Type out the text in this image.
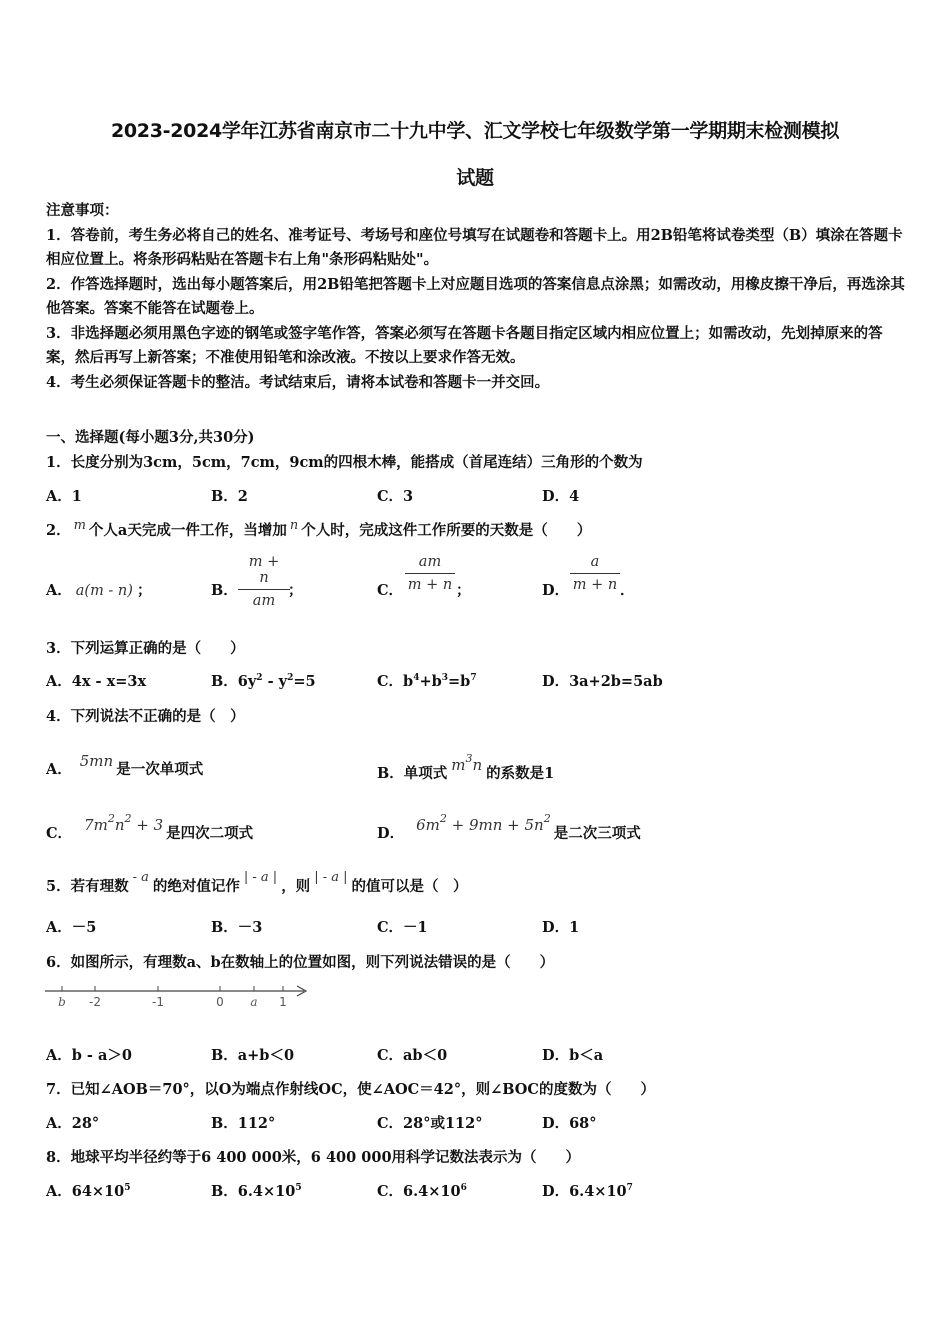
2023-2024学年江苏省南京市二十九中学、汇文学校七年级数学第一学期期末检测模拟
试题

注意事项：

1．答卷前，考生务必将自己的姓名、准考证号、考场号和座位号填写在试题卷和答题卡上。用2B铅笔将试卷类型（B）填涂在答题卡相应位置上。将条形码粘贴在答题卡右上角"条形码粘贴处"。

2．作答选择题时，选出每小题答案后，用2B铅笔把答题卡上对应题目选项的答案信息点涂黑；如需改动，用橡皮擦干净后，再选涂其他答案。答案不能答在试题卷上。

3．非选择题必须用黑色字迹的钢笔或签字笔作答，答案必须写在答题卡各题目指定区域内相应位置上；如需改动，先划掉原来的答案，然后再写上新答案；不准使用铅笔和涂改液。不按以上要求作答无效。

4．考生必须保证答题卡的整洁。考试结束后，请将本试卷和答题卡一并交回。

一、选择题(每小题3分,共30分)
1．长度分别为3cm，5cm，7cm，9cm的四根木棒，能搭成（首尾连结）三角形的个数为
A．1	B．2	C．3	D．4
2． m 个人a天完成一件工作，当增加 n 个人时，完成这件工作所要的天数是（　　）
A． a(m - n) ；	B． $\frac{m + n}{am}$
；	C． $\frac{am}{m + n}$ ；	D． $\frac{a}{m + n}$ ．
3．下列运算正确的是（　　）
A．4x - x=3x	B．$6y^2 - y^2=5$	C．$b^4+b^3=b^7$	D．3a+2b=5ab
4．下列说法不正确的是（　）
A． 5mn 是一次单项式	B．单项式 $m^3n$ 的系数是1
C． $7m^2n^2 + 3$ 是四次二项式	D． $6m^2 + 9mn + 5n^2$是二次三项式
5．若有理数- a的绝对值记作| - a |，则| - a |的值可以是（　）
A．－5	B．－3	C．－1	D．1
6．如图所示，有理数a、b在数轴上的位置如图，则下列说法错误的是（　　）
b -2	-1	0 a 1
A．b - a＞0	B．a+b＜0	C．ab＜0	D．b＜a
7．已知∠AOB＝70°，以O为端点作射线OC，使∠AOC＝42°，则∠BOC的度数为（　　）
A．28°	B．112°	C．28°或112°	D．68°
8．地球平均半径约等于6 400 000米，6 400 000用科学记数法表示为（　　）
A．$64\times 10^5$	B．$6.4\times 10^5$	C．$6.4\times 10^6$	D．$6.4\times 10^7$
